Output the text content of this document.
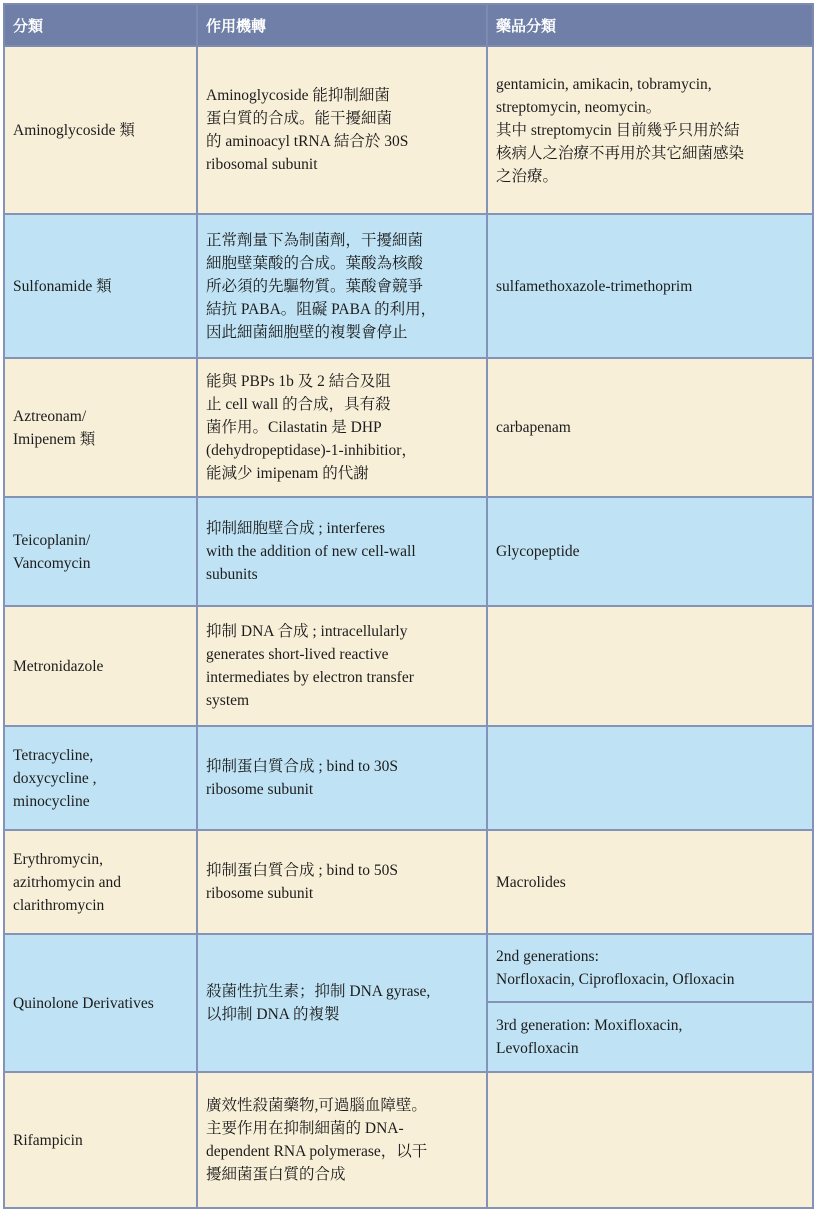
分類	作用機轉	藥品分類

Aminoglycoside 類	Aminoglycoside 能抑制細菌
蛋白質的合成。能干擾細菌
的 aminoacyl tRNA 結合於 30S
ribosomal subunit	gentamicin, amikacin, tobramycin,
streptomycin, neomycin。
其中 streptomycin 目前幾乎只用於結
核病人之治療不再用於其它細菌感染
之治療。

Sulfonamide 類	正常劑量下為制菌劑，干擾細菌
細胞壁葉酸的合成。葉酸為核酸
所必須的先驅物質。葉酸會競爭
結抗 PABA。阻礙 PABA 的利用，
因此細菌細胞壁的複製會停止	sulfamethoxazole-trimethoprim

Aztreonam/
Imipenem 類	能與 PBPs 1b 及 2 結合及阻
止 cell wall 的合成，具有殺
菌作用。Cilastatin 是 DHP
(dehydropeptidase)-1-inhibitior，
能減少 imipenam 的代謝	carbapenam

Teicoplanin/
Vancomycin	抑制細胞壁合成 ; interferes
with the addition of new cell-wall
subunits	Glycopeptide

Metronidazole	抑制 DNA 合成 ; intracellularly
generates short-lived reactive
intermediates by electron transfer
system	

Tetracycline,
doxycycline ,
minocycline	抑制蛋白質合成 ; bind to 30S
ribosome subunit	

Erythromycin,
azitrhomycin and
clarithromycin	抑制蛋白質合成 ; bind to 50S
ribosome subunit	Macrolides

Quinolone Derivatives	殺菌性抗生素；抑制 DNA gyrase,
以抑制 DNA 的複製	2nd generations:
Norfloxacin, Ciprofloxacin, Ofloxacin

		3rd generation: Moxifloxacin,
Levofloxacin

Rifampicin	廣效性殺菌藥物,可過腦血障壁。
主要作用在抑制細菌的 DNA-
dependent RNA polymerase，以干
擾細菌蛋白質的合成	
